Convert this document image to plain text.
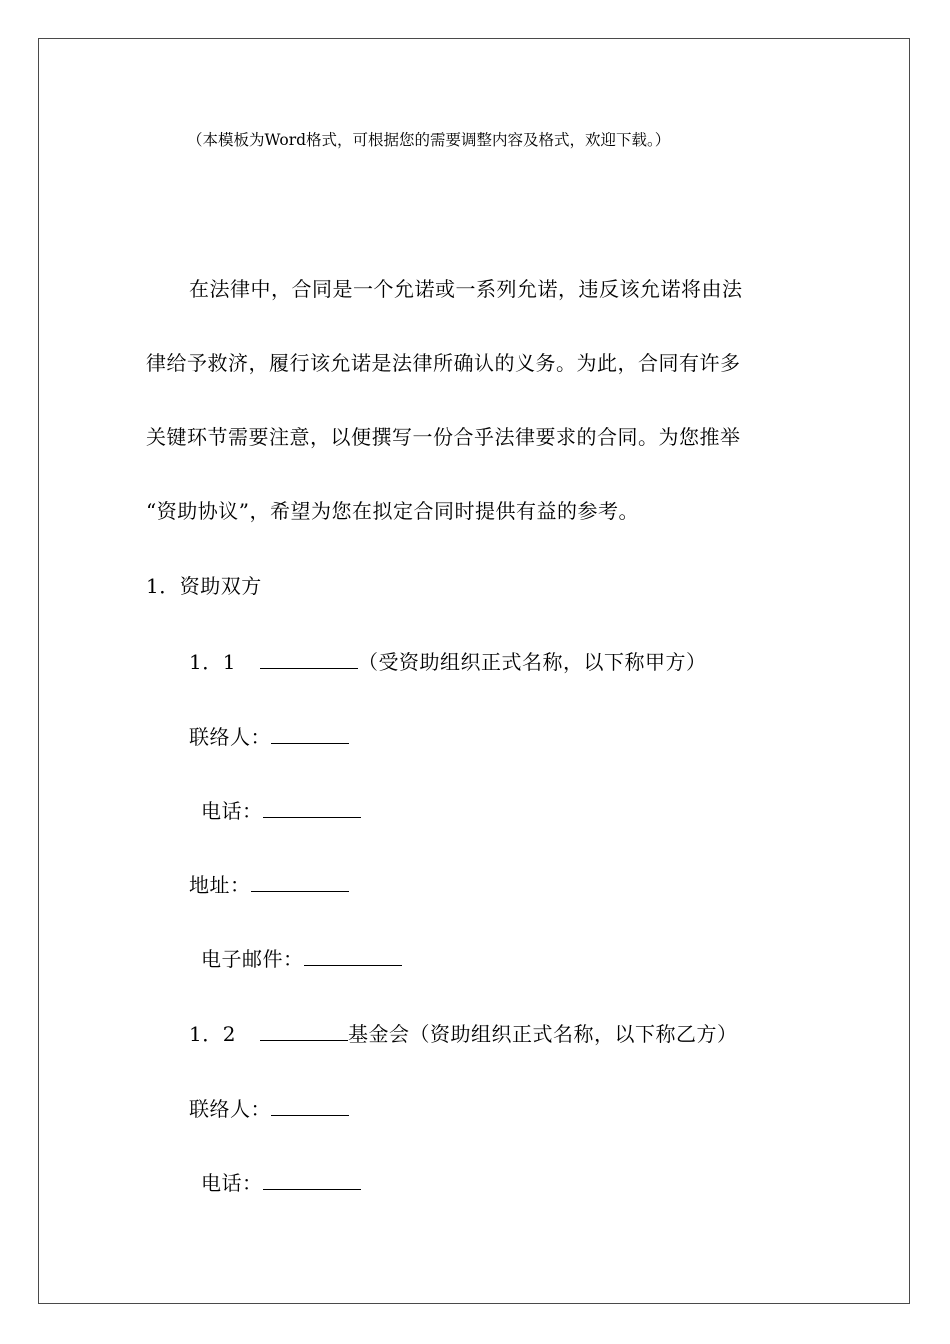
（本模板为Word格式，可根据您的需要调整内容及格式，欢迎下载。）
在法律中，合同是一个允诺或一系列允诺，违反该允诺将由法
律给予救济，履行该允诺是法律所确认的义务。为此，合同有许多
关键环节需要注意，以便撰写一份合乎法律要求的合同。为您推举
“资助协议”，希望为您在拟定合同时提供有益的参考。
1．资助双方
1．1	（受资助组织正式名称，以下称甲方）
联络人：
电话：
地址：
电子邮件：
1．2	基金会（资助组织正式名称，以下称乙方）
联络人：
电话：
